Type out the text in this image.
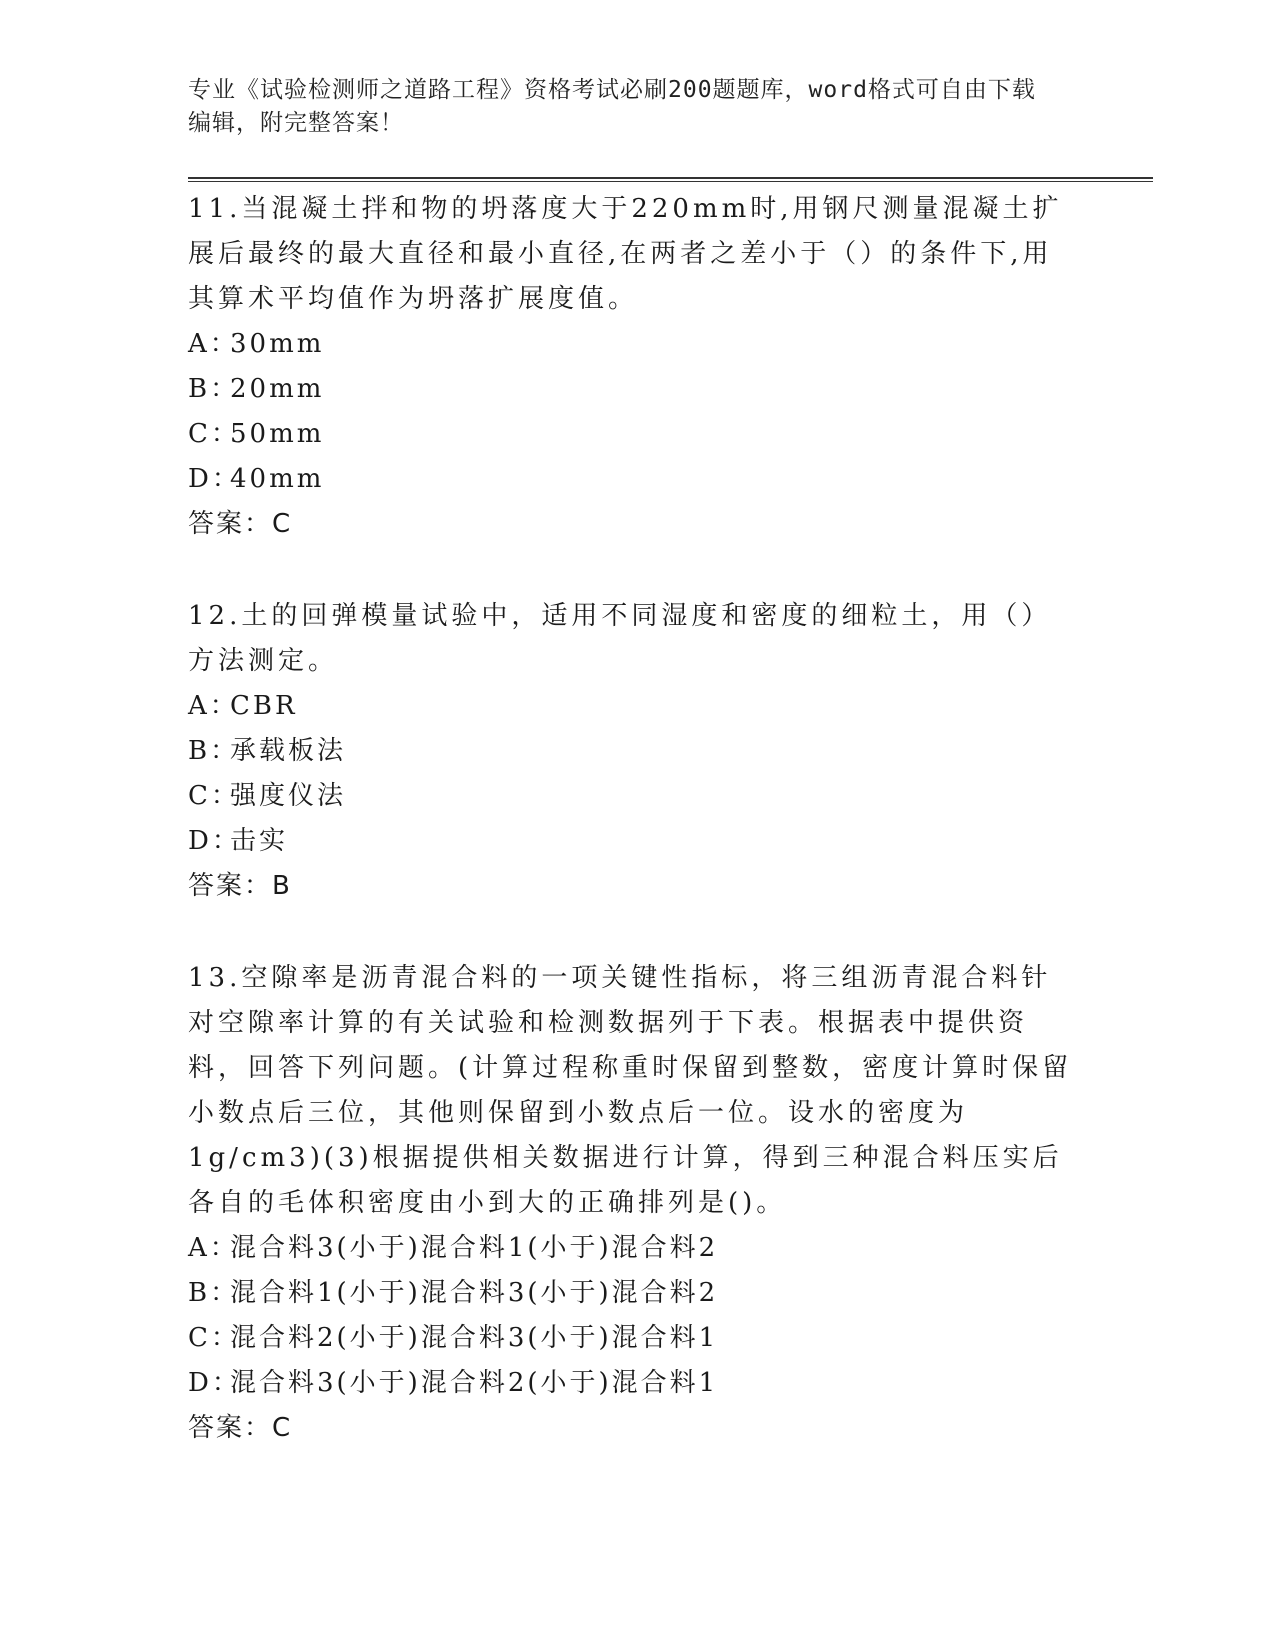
专业《试验检测师之道路工程》资格考试必刷200题题库，word格式可自由下载
编辑，附完整答案！

11.当混凝土拌和物的坍落度大于220mm时,用钢尺测量混凝土扩展后最终的最大直径和最小直径,在两者之差小于（）的条件下,用其算术平均值作为坍落扩展度值。

A：
30mm

B：
20mm

C：
50mm

D：
40mm

答案：C

12.土的回弹模量试验中，适用不同湿度和密度的细粒土，用（）方法测定。

A：
CBR

B：
承载板法

C：
强度仪法

D：
击实

答案：B

13.空隙率是沥青混合料的一项关键性指标，将三组沥青混合料针对空隙率计算的有关试验和检测数据列于下表。根据表中提供资料，回答下列问题。(计算过程称重时保留到整数，密度计算时保留小数点后三位，其他则保留到小数点后一位。设水的密度为1g/cm3)(3)根据提供相关数据进行计算，得到三种混合料压实后各自的毛体积密度由小到大的正确排列是()。

A：
混合料3(小于)混合料1(小于)混合料2

B：
混合料1(小于)混合料3(小于)混合料2

C：
混合料2(小于)混合料3(小于)混合料1

D：
混合料3(小于)混合料2(小于)混合料1

答案：C
